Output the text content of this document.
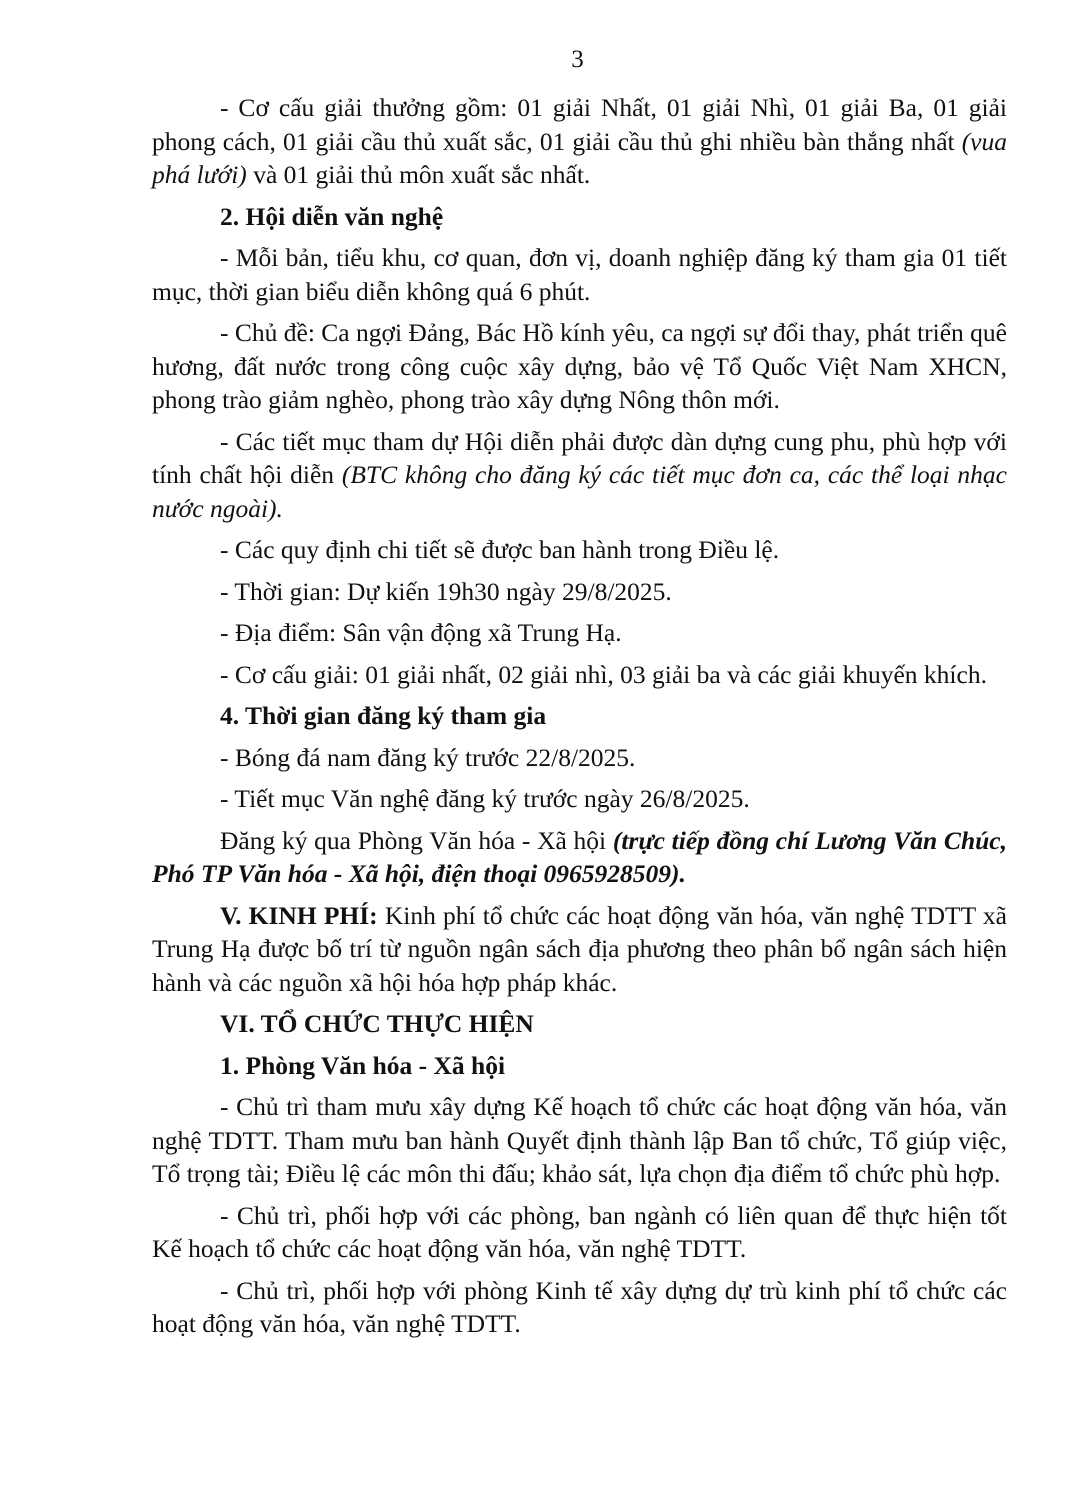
3

- Cơ cấu giải thưởng gồm: 01 giải Nhất, 01 giải Nhì, 01 giải Ba, 01 giải phong cách, 01 giải cầu thủ xuất sắc, 01 giải cầu thủ ghi nhiều bàn thắng nhất (vua phá lưới) và 01 giải thủ môn xuất sắc nhất.

2. Hội diễn văn nghệ

- Mỗi bản, tiểu khu, cơ quan, đơn vị, doanh nghiệp đăng ký tham gia 01 tiết mục, thời gian biểu diễn không quá 6 phút.

- Chủ đề: Ca ngợi Đảng, Bác Hồ kính yêu, ca ngợi sự đổi thay, phát triển quê hương, đất nước trong công cuộc xây dựng, bảo vệ Tổ Quốc Việt Nam XHCN, phong trào giảm nghèo, phong trào xây dựng Nông thôn mới.

- Các tiết mục tham dự Hội diễn phải được dàn dựng cung phu, phù hợp với tính chất hội diễn (BTC không cho đăng ký các tiết mục đơn ca, các thể loại nhạc nước ngoài).

- Các quy định chi tiết sẽ được ban hành trong Điều lệ.

- Thời gian: Dự kiến 19h30 ngày 29/8/2025.

- Địa điểm: Sân vận động xã Trung Hạ.

- Cơ cấu giải: 01 giải nhất, 02 giải nhì, 03 giải ba và các giải khuyến khích.

4. Thời gian đăng ký tham gia

- Bóng đá nam đăng ký trước 22/8/2025.

- Tiết mục Văn nghệ đăng ký trước ngày 26/8/2025.

Đăng ký qua Phòng Văn hóa - Xã hội (trực tiếp đồng chí Lương Văn Chúc, Phó TP Văn hóa - Xã hội, điện thoại 0965928509).

V. KINH PHÍ: Kinh phí tổ chức các hoạt động văn hóa, văn nghệ TDTT xã Trung Hạ được bố trí từ nguồn ngân sách địa phương theo phân bổ ngân sách hiện hành và các nguồn xã hội hóa hợp pháp khác.

VI. TỔ CHỨC THỰC HIỆN

1. Phòng Văn hóa - Xã hội

- Chủ trì tham mưu xây dựng Kế hoạch tổ chức các hoạt động văn hóa, văn nghệ TDTT. Tham mưu ban hành Quyết định thành lập Ban tổ chức, Tổ giúp việc, Tổ trọng tài; Điều lệ các môn thi đấu; khảo sát, lựa chọn địa điểm tổ chức phù hợp.

- Chủ trì, phối hợp với các phòng, ban ngành có liên quan để thực hiện tốt Kế hoạch tổ chức các hoạt động văn hóa, văn nghệ TDTT.

- Chủ trì, phối hợp với phòng Kinh tế xây dựng dự trù kinh phí tổ chức các hoạt động văn hóa, văn nghệ TDTT.
